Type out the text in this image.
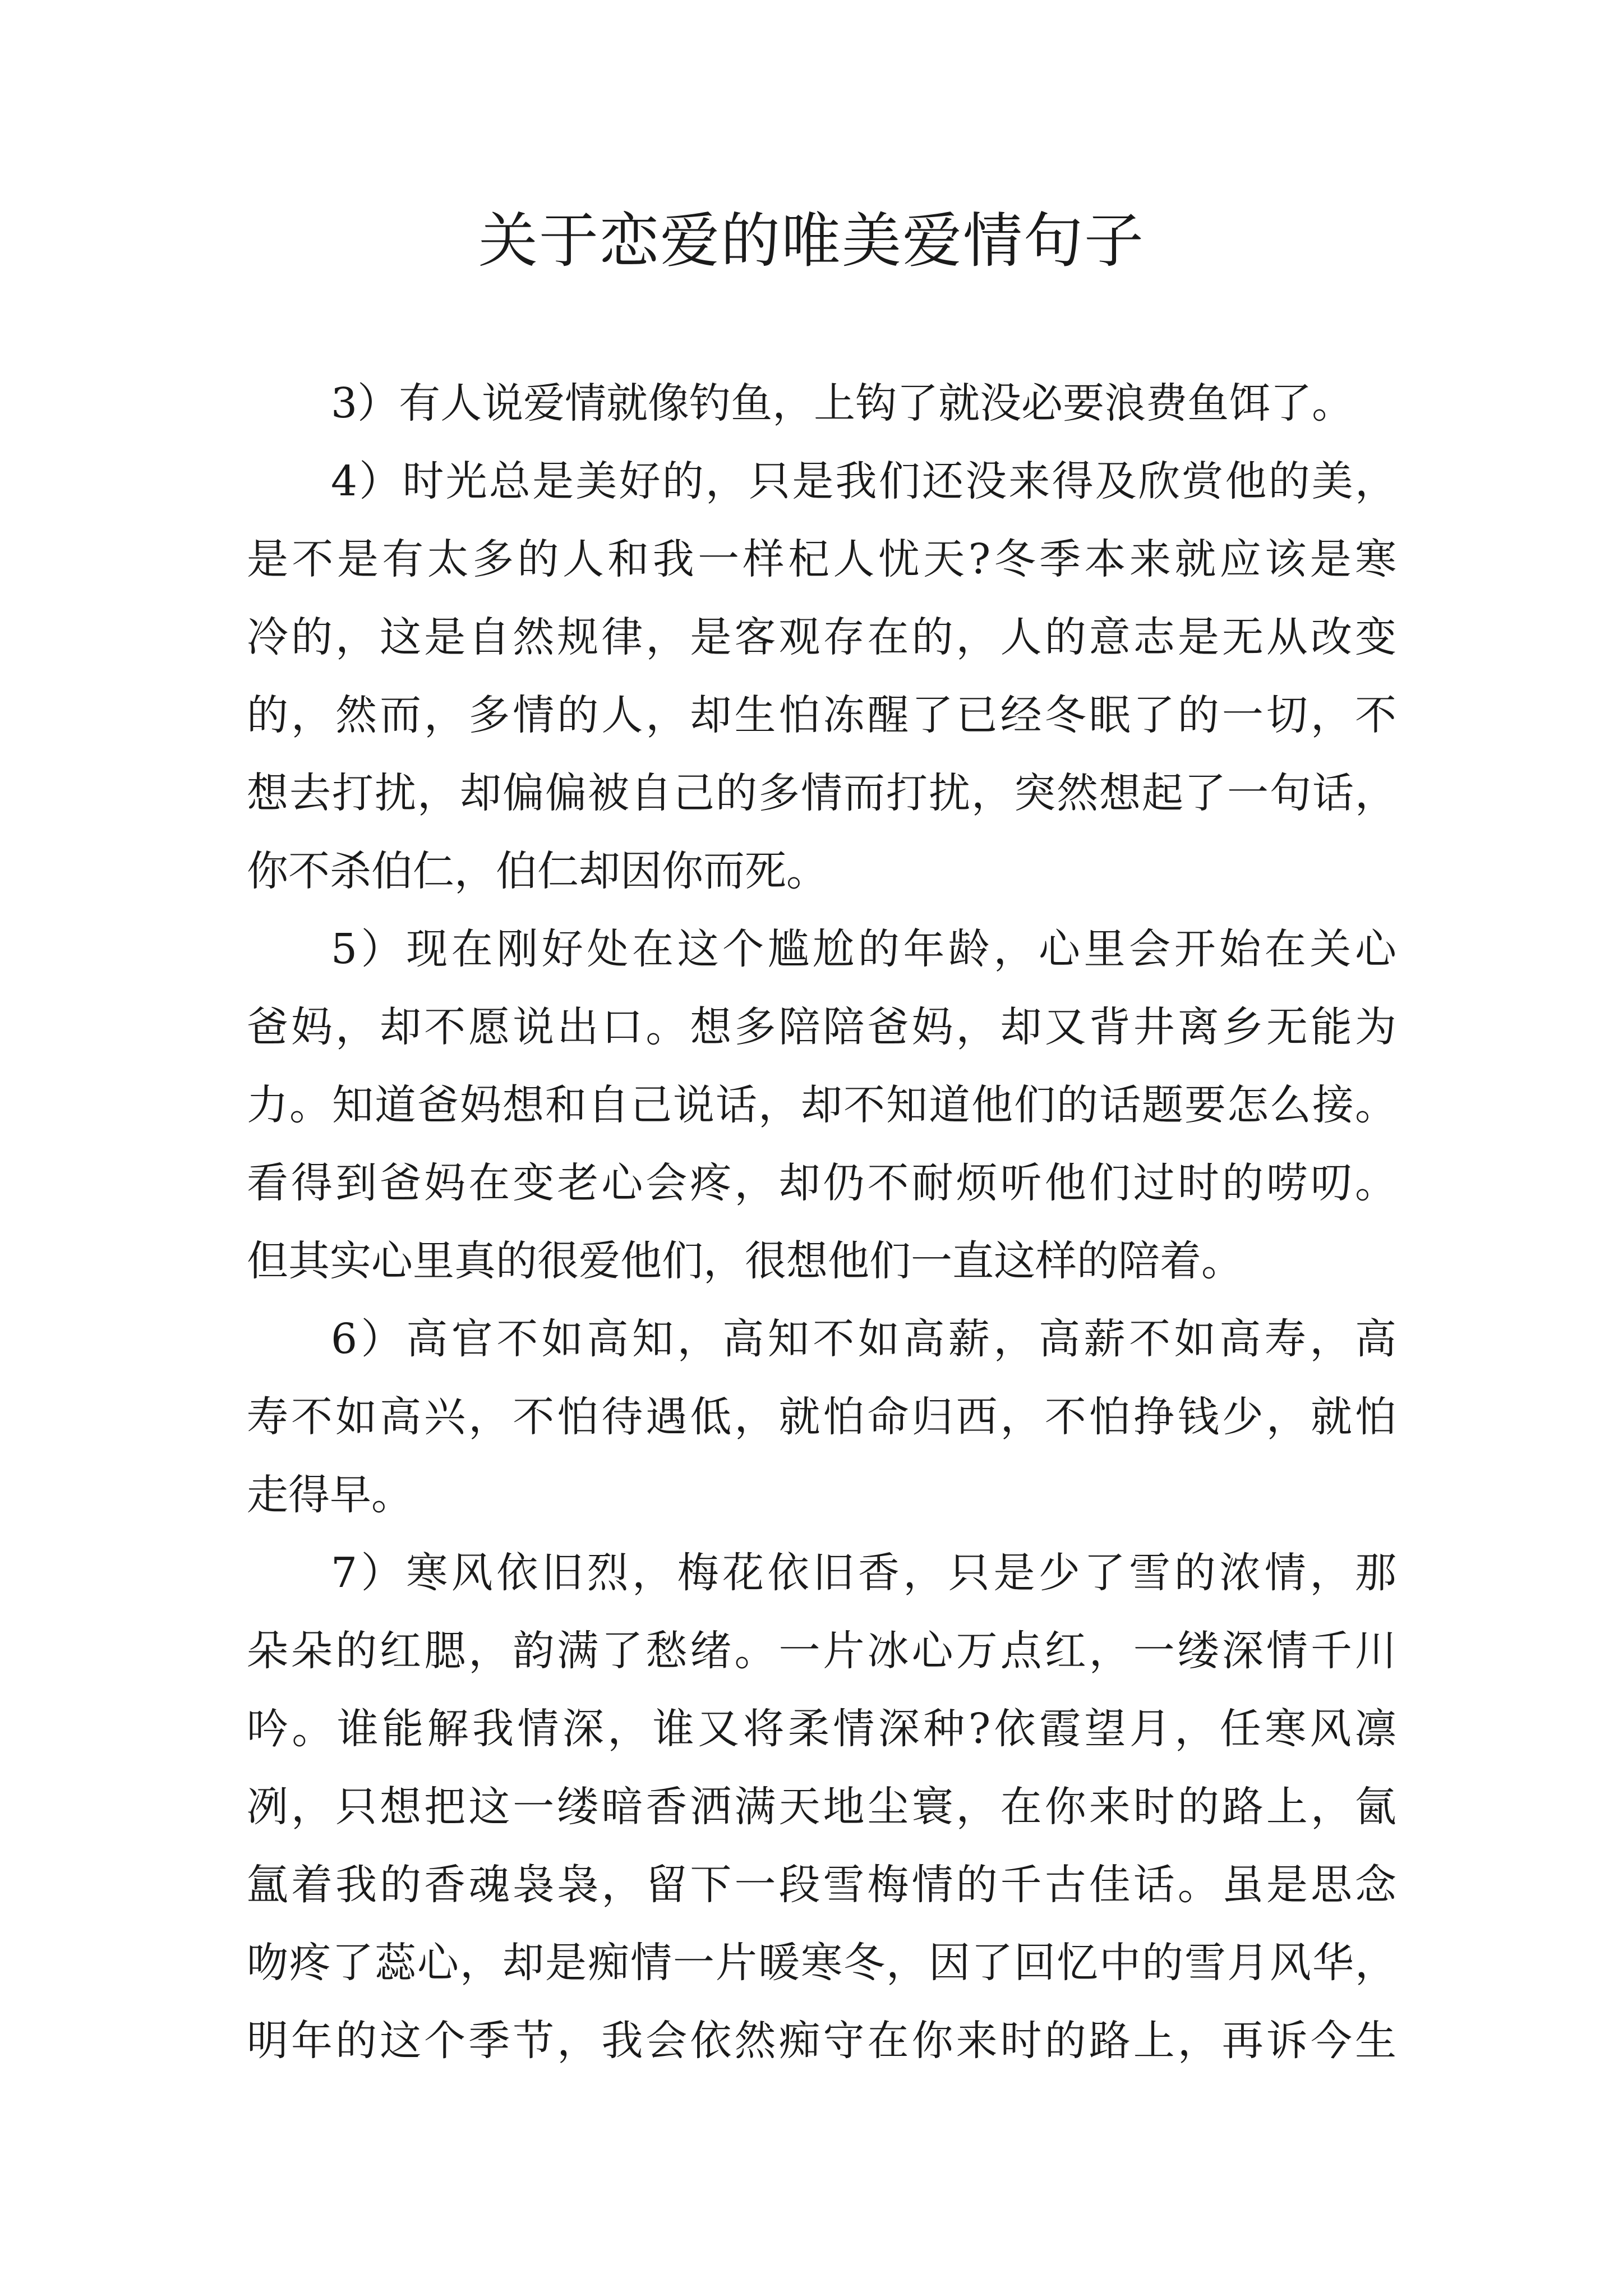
关于恋爱的唯美爱情句子
3）有人说爱情就像钓鱼，上钩了就没必要浪费鱼饵了。
4）时光总是美好的，只是我们还没来得及欣赏他的美，
是不是有太多的人和我一样杞人忧天?冬季本来就应该是寒
冷的，这是自然规律，是客观存在的，人的意志是无从改变
的，然而，多情的人，却生怕冻醒了已经冬眠了的一切，不
想去打扰，却偏偏被自己的多情而打扰，突然想起了一句话，
你不杀伯仁，伯仁却因你而死。
5）现在刚好处在这个尴尬的年龄，心里会开始在关心
爸妈，却不愿说出口。想多陪陪爸妈，却又背井离乡无能为
力。知道爸妈想和自己说话，却不知道他们的话题要怎么接。
看得到爸妈在变老心会疼，却仍不耐烦听他们过时的唠叨。
但其实心里真的很爱他们，很想他们一直这样的陪着。
6）高官不如高知，高知不如高薪，高薪不如高寿，高
寿不如高兴，不怕待遇低，就怕命归西，不怕挣钱少，就怕
走得早。
7）寒风依旧烈，梅花依旧香，只是少了雪的浓情，那
朵朵的红腮，韵满了愁绪。一片冰心万点红，一缕深情千川
吟。谁能解我情深，谁又将柔情深种?依霞望月，任寒风凛
冽，只想把这一缕暗香洒满天地尘寰，在你来时的路上，氤
氲着我的香魂袅袅，留下一段雪梅情的千古佳话。虽是思念
吻疼了蕊心，却是痴情一片暖寒冬，因了回忆中的雪月风华，
明年的这个季节，我会依然痴守在你来时的路上，再诉今生
